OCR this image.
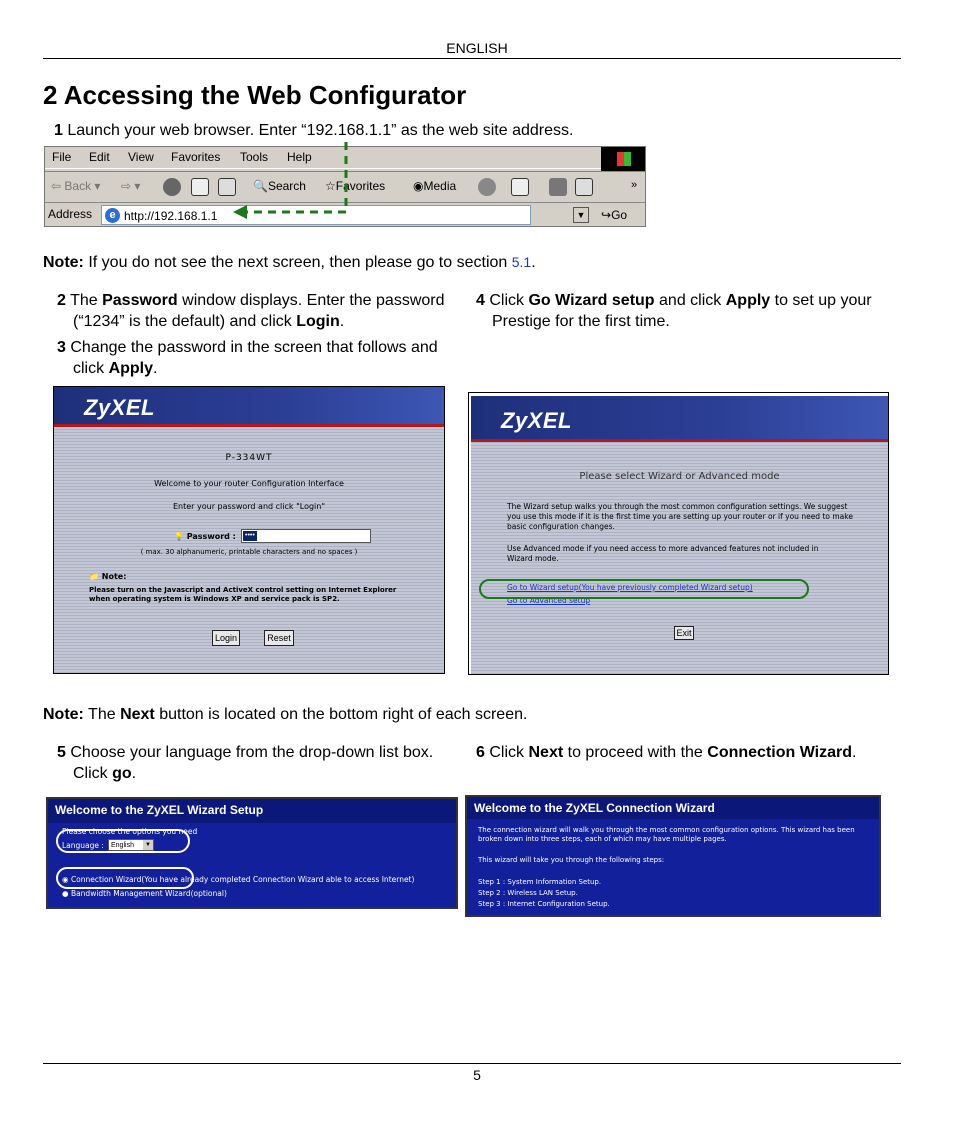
ENGLISH
2 Accessing the Web Configurator
1 Launch your web browser. Enter “192.168.1.1” as the web site address.
File Edit View Favorites Tools Help
⇦ Back ▾ ⇨ ▾	🔍Search ☆Favorites ◉Media	»
Address	e http://192.168.1.1	▼ ↪Go
Note: If you do not see the next screen, then please go to section 5.1.
2 The Password window displays. Enter the password (“1234” is the default) and click Login.
3 Change the password in the screen that follows and click Apply.
4 Click Go Wizard setup and click Apply to set up your Prestige for the first time.
ZyXEL
P-334WT
Welcome to your router Configuration Interface
Enter your password and click "Login"
💡 Password : ••••
( max. 30 alphanumeric, printable characters and no spaces )
📁 Note:
Please turn on the Javascript and ActiveX control setting on Internet Explorer when operating system is Windows XP and service pack is SP2.
Login	Reset
ZyXEL
Please select Wizard or Advanced mode
The Wizard setup walks you through the most common configuration settings. We suggest you use this mode if it is the first time you are setting up your router or if you need to make basic configuration changes.
Use Advanced mode if you need access to more advanced features not included in Wizard mode.
Go to Wizard setup(You have previously completed Wizard setup)
Go to Advanced setup
Exit
Note: The Next button is located on the bottom right of each screen.
5 Choose your language from the drop-down list box. Click go.
6 Click Next to proceed with the Connection Wizard.
Welcome to the ZyXEL Wizard Setup
Please choose the options you need
Language :	English	▼
◉ Connection Wizard(You have already completed Connection Wizard able to access Internet)
● Bandwidth Management Wizard(optional)
Welcome to the ZyXEL Connection Wizard
The connection wizard will walk you through the most common configuration options. This wizard has been broken down into three steps, each of which may have multiple pages.
This wizard will take you through the following steps:
Step 1 : System Information Setup.
Step 2 : Wireless LAN Setup.
Step 3 : Internet Configuration Setup.
5
